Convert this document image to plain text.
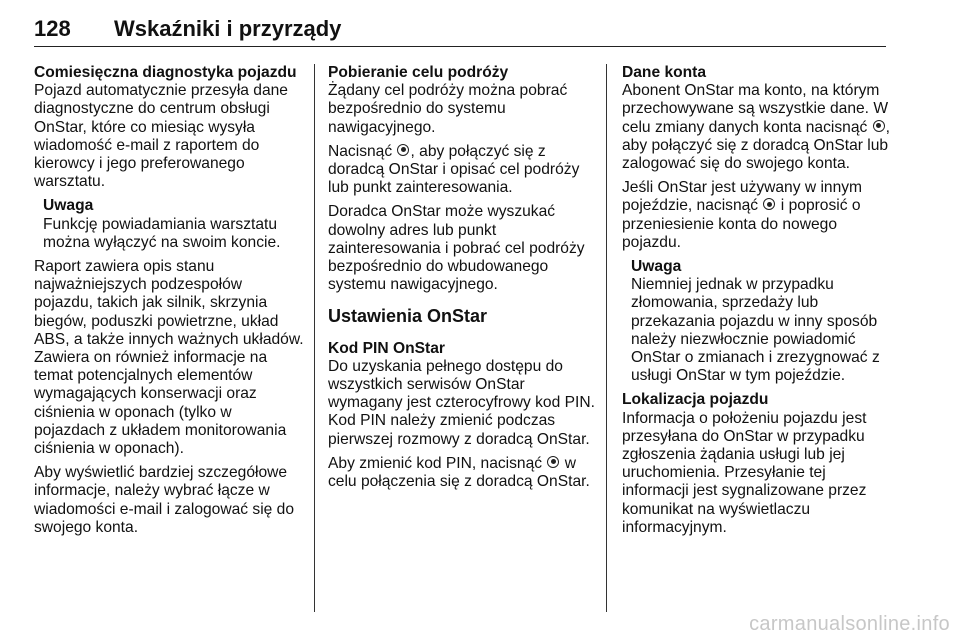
128 Wskaźniki i przyrządy

Comiesięczna diagnostyka pojazdu

Pojazd automatycznie przesyła dane diagnostyczne do centrum obsługi OnStar, które co miesiąc wysyła wiadomość e-mail z raportem do kierowcy i jego preferowanego warsztatu.

Uwaga

Funkcję powiadamiania warsztatu można wyłączyć na swoim koncie.

Raport zawiera opis stanu najważniejszych podzespołów pojazdu, takich jak silnik, skrzynia biegów, poduszki powietrzne, układ ABS, a także innych ważnych układów. Zawiera on również informacje na temat potencjalnych elementów wymagających konserwacji oraz ciśnienia w oponach (tylko w pojazdach z układem monitorowania ciśnienia w oponach).

Aby wyświetlić bardziej szczegółowe informacje, należy wybrać łącze w wiadomości e-mail i zalogować się do swojego konta.

Pobieranie celu podróży

Żądany cel podróży można pobrać bezpośrednio do systemu nawigacyjnego.

Nacisnąć , aby połączyć się z doradcą OnStar i opisać cel podróży lub punkt zainteresowania.

Doradca OnStar może wyszukać dowolny adres lub punkt zainteresowania i pobrać cel podróży bezpośrednio do wbudowanego systemu nawigacyjnego.

Ustawienia OnStar

Kod PIN OnStar

Do uzyskania pełnego dostępu do wszystkich serwisów OnStar wymagany jest czterocyfrowy kod PIN. Kod PIN należy zmienić podczas pierwszej rozmowy z doradcą OnStar.

Aby zmienić kod PIN, nacisnąć w celu połączenia się z doradcą OnStar.

Dane konta

Abonent OnStar ma konto, na którym przechowywane są wszystkie dane. W celu zmiany danych konta nacisnąć , aby połączyć się z doradcą OnStar lub zalogować się do swojego konta.

Jeśli OnStar jest używany w innym pojeździe, nacisnąć i poprosić o przeniesienie konta do nowego pojazdu.

Uwaga

Niemniej jednak w przypadku złomowania, sprzedaży lub przekazania pojazdu w inny sposób należy niezwłocznie powiadomić OnStar o zmianach i zrezygnować z usługi OnStar w tym pojeździe.

Lokalizacja pojazdu

Informacja o położeniu pojazdu jest przesyłana do OnStar w przypadku zgłoszenia żądania usługi lub jej uruchomienia. Przesyłanie tej informacji jest sygnalizowane przez komunikat na wyświetlaczu informacyjnym.

carmanualsonline.info
